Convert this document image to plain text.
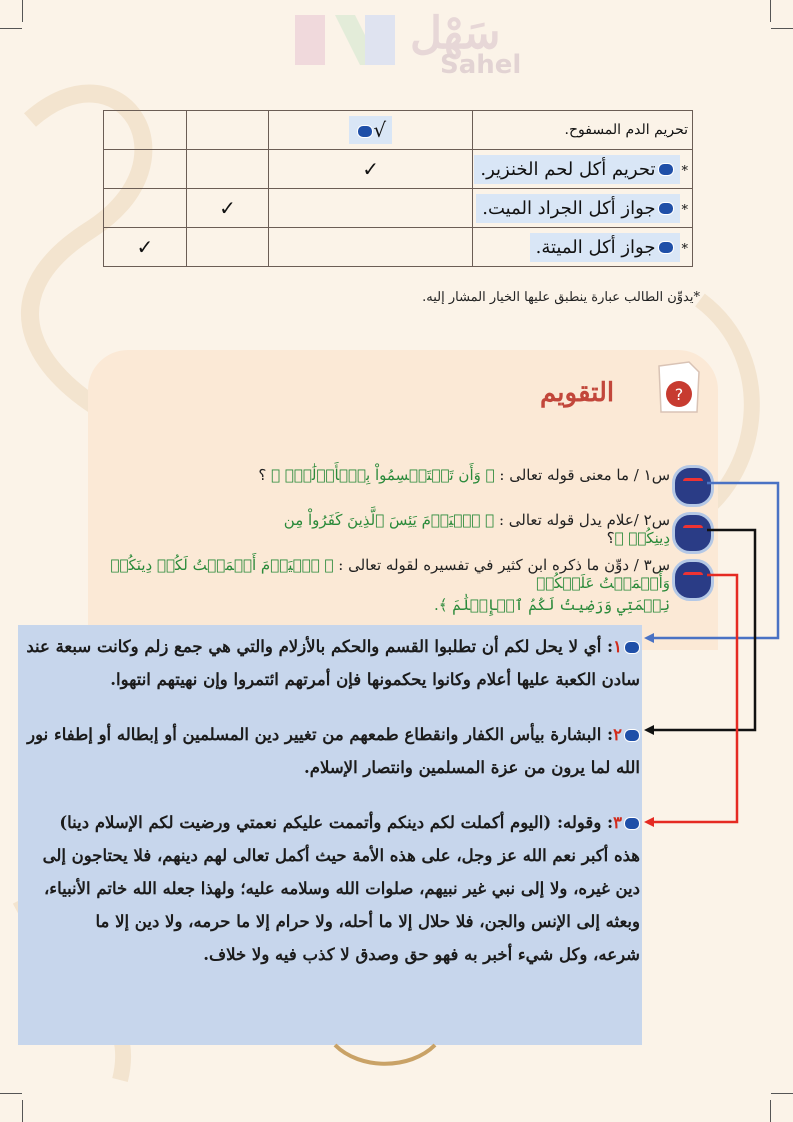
سَهْل
Sahel
تحريم الدم المسفوح.	√		
*تحريم أكل لحم الخنزير.	✓		
*جواز أكل الجراد الميت.		✓	
*جواز أكل الميتة.			✓
*يدوِّن الطالب عبارة ينطبق عليها الخيار المشار إليه.
?
التقويم
س١ / ما معنى قوله تعالى : ﴿ وَأَن تَسۡتَقۡسِمُواْ بِٱلۡأَزۡلَٰمِۚ ﴾ ؟
س٢ /علام يدل قوله تعالى : ﴿ ٱلۡيَوۡمَ يَئِسَ ٱلَّذِينَ كَفَرُواْ مِن دِينِكُمۡ ﴾؟
س٣ / دوِّن ما ذكره ابن كثير في تفسيره لقوله تعالى : ﴿ ٱلۡيَوۡمَ أَكۡمَلۡتُ لَكُمۡ دِينَكُمۡ وَأَتۡمَمۡتُ عَلَيۡكُمۡ
نِعۡمَتِي وَرَضِيتُ لَكُمُ ٱلۡإِسۡلَٰمَ ﴾.
١: أي لا يحل لكم أن تطلبوا القسم والحكم بالأزلام والتي هي جمع زلم وكانت سبعة عند
سادن الكعبة عليها أعلام وكانوا يحكمونها فإن أمرتهم ائتمروا وإن نهيتهم انتهوا.
٢: البشارة بيأس الكفار وانقطاع طمعهم من تغيير دين المسلمين أو إبطاله أو إطفاء نور
الله لما يرون من عزة المسلمين وانتصار الإسلام.
٣: وقوله: (اليوم أكملت لكم دينكم وأتممت عليكم نعمتي ورضيت لكم الإسلام دينا)
هذه أكبر نعم الله عز وجل، على هذه الأمة حيث أكمل تعالى لهم دينهم، فلا يحتاجون إلى
دين غيره، ولا إلى نبي غير نبيهم، صلوات الله وسلامه عليه؛ ولهذا جعله الله خاتم الأنبياء،
وبعثه إلى الإنس والجن، فلا حلال إلا ما أحله، ولا حرام إلا ما حرمه، ولا دين إلا ما
شرعه، وكل شيء أخبر به فهو حق وصدق لا كذب فيه ولا خلاف.
